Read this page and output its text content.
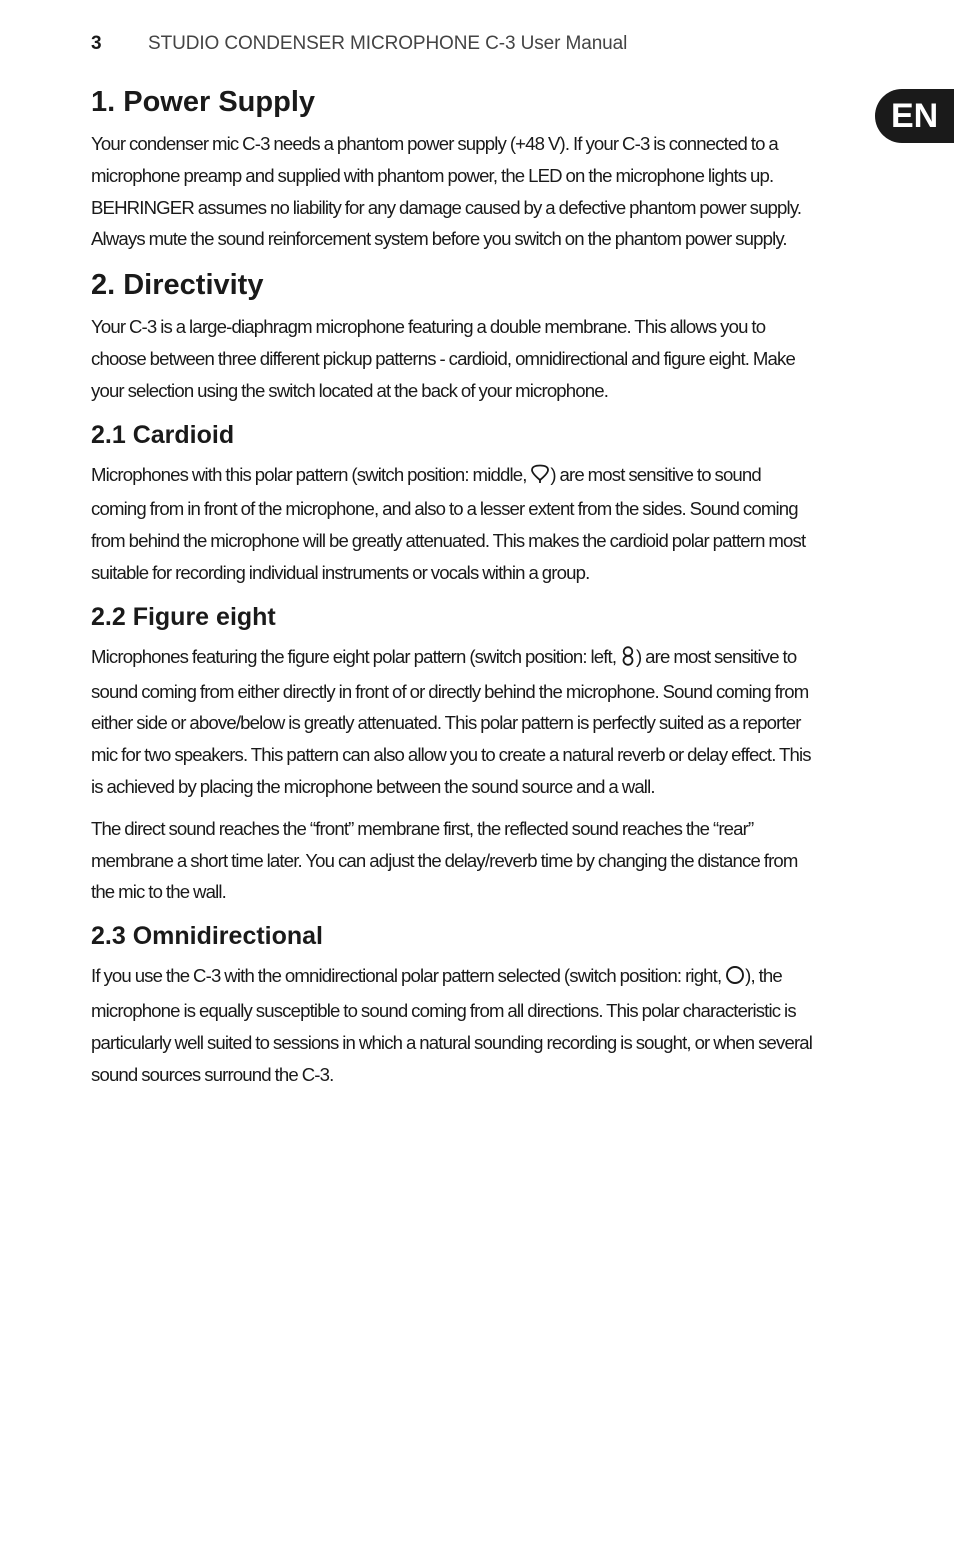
3	STUDIO CONDENSER MICROPHONE C-3 User Manual
EN
1. Power Supply

Your condenser mic C-3 needs a phantom power supply (+48 V). If your C-3 is connected to a microphone preamp and supplied with phantom power, the LED on the microphone lights up. BEHRINGER assumes no liability for any damage caused by a defective phantom power supply. Always mute the sound reinforcement system before you switch on the phantom power supply.

2. Directivity

Your C-3 is a large-diaphragm microphone featuring a double membrane. This allows you to choose between three different pickup patterns - cardioid, omnidirectional and figure eight. Make your selection using the switch located at the back of your microphone.

2.1 Cardioid

Microphones with this polar pattern (switch position: middle, ) are most sensitive to sound coming from in front of the microphone, and also to a lesser extent from the sides. Sound coming from behind the microphone will be greatly attenuated. This makes the cardioid polar pattern most suitable for recording individual instruments or vocals within a group.

2.2 Figure eight

Microphones featuring the figure eight polar pattern (switch position: left, ) are most sensitive to sound coming from either directly in front of or directly behind the microphone. Sound coming from either side or above/below is greatly attenuated. This polar pattern is perfectly suited as a reporter mic for two speakers. This pattern can also allow you to create a natural reverb or delay effect. This is achieved by placing the microphone between the sound source and a wall.

The direct sound reaches the “front” membrane first, the reflected sound reaches the “rear” membrane a short time later. You can adjust the delay/reverb time by changing the distance from the mic to the wall.

2.3 Omnidirectional

If you use the C-3 with the omnidirectional polar pattern selected (switch position: right, ), the microphone is equally susceptible to sound coming from all directions. This polar characteristic is particularly well suited to sessions in which a natural sounding recording is sought, or when several sound sources surround the C-3.
